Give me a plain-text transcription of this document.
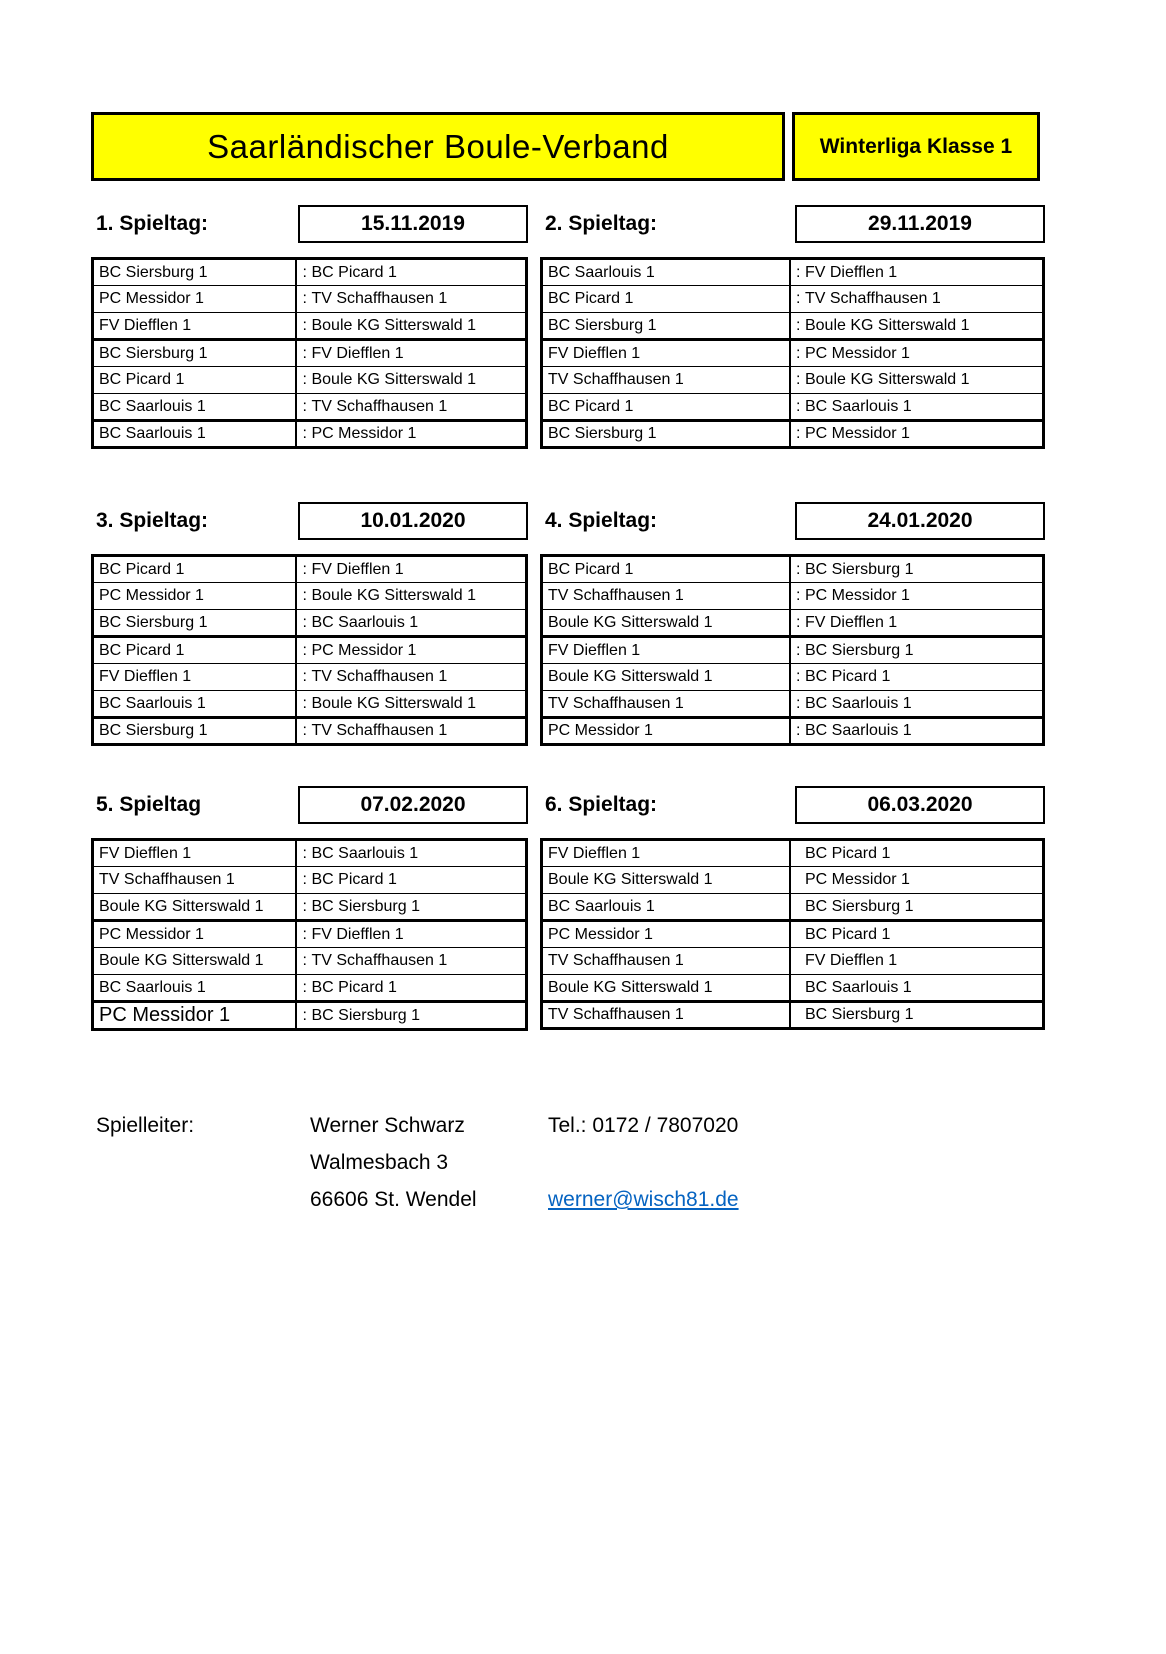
Saarländischer Boule-Verband	Winterliga Klasse 1
1. Spieltag:	15.11.2019
BC Siersburg 1	: BC Picard 1
PC Messidor 1	: TV Schaffhausen 1
FV Diefflen 1	: Boule KG Sitterswald 1
BC Siersburg 1	: FV Diefflen 1
BC Picard 1	: Boule KG Sitterswald 1
BC Saarlouis 1	: TV Schaffhausen 1
BC Saarlouis 1	: PC Messidor 1
2. Spieltag:	29.11.2019
BC Saarlouis 1	: FV Diefflen 1
BC Picard 1	: TV Schaffhausen 1
BC Siersburg 1	: Boule KG Sitterswald 1
FV Diefflen 1	: PC Messidor 1
TV Schaffhausen 1	: Boule KG Sitterswald 1
BC Picard 1	: BC Saarlouis 1
BC Siersburg 1	: PC Messidor 1
3. Spieltag:	10.01.2020
BC Picard 1	: FV Diefflen 1
PC Messidor 1	: Boule KG Sitterswald 1
BC Siersburg 1	: BC Saarlouis 1
BC Picard 1	: PC Messidor 1
FV Diefflen 1	: TV Schaffhausen 1
BC Saarlouis 1	: Boule KG Sitterswald 1
BC Siersburg 1	: TV Schaffhausen 1
4. Spieltag:	24.01.2020
BC Picard 1	: BC Siersburg 1
TV Schaffhausen 1	: PC Messidor 1
Boule KG Sitterswald 1	: FV Diefflen 1
FV Diefflen 1	: BC Siersburg 1
Boule KG Sitterswald 1	: BC Picard 1
TV Schaffhausen 1	: BC Saarlouis 1
PC Messidor 1	: BC Saarlouis 1
5. Spieltag	07.02.2020
FV Diefflen 1	: BC Saarlouis 1
TV Schaffhausen 1	: BC Picard 1
Boule KG Sitterswald 1	: BC Siersburg 1
PC Messidor 1	: FV Diefflen 1
Boule KG Sitterswald 1	: TV Schaffhausen 1
BC Saarlouis 1	: BC Picard 1
PC Messidor 1	: BC Siersburg 1
6. Spieltag:	06.03.2020
FV Diefflen 1	BC Picard 1
Boule KG Sitterswald 1	PC Messidor 1
BC Saarlouis 1	BC Siersburg 1
PC Messidor 1	BC Picard 1
TV Schaffhausen 1	FV Diefflen 1
Boule KG Sitterswald 1	BC Saarlouis 1
TV Schaffhausen 1	BC Siersburg 1
Spielleiter:	Werner Schwarz	Tel.: 0172 / 7807020
Walmesbach 3
66606 St. Wendel	werner@wisch81.de
